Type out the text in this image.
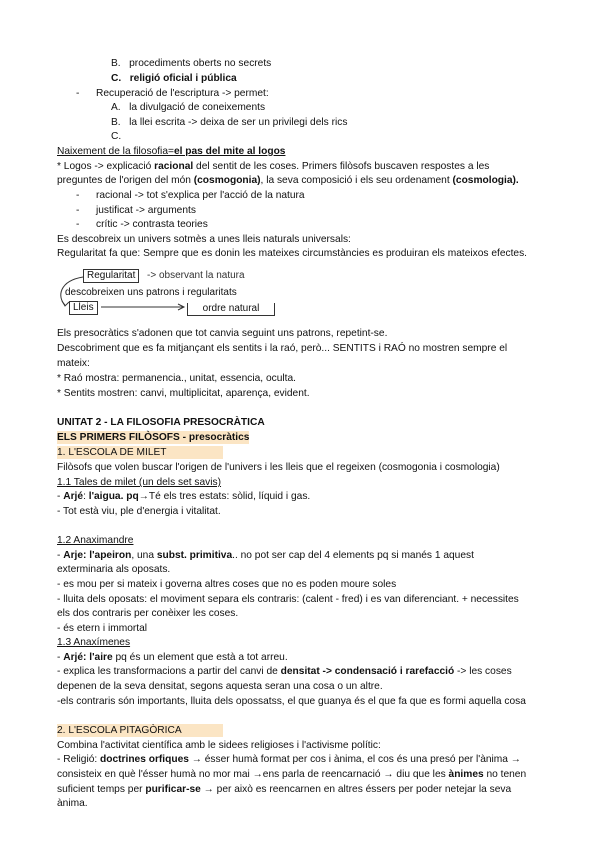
B. procediments oberts no secrets
C. religió oficial i pública
- Recuperació de l'escriptura -> permet:
A. la divulgació de coneixements
B. la llei escrita -> deixa de ser un privilegi dels rics
C.
Naixement de la filosofia=el pas del mite al logos
* Logos -> explicació racional del sentit de les coses. Primers filòsofs buscaven respostes a les
preguntes de l'origen del món (cosmogonia), la seva composició i els seu ordenament (cosmologia).
- racional -> tot s'explica per l'acció de la natura
- justificat -> arguments
- crític -> contrasta teories
Es descobreix un univers sotmès a unes lleis naturals universals:
Regularitat fa que: Sempre que es donin les mateixes circumstàncies es produiran els mateixos efectes.
Regularitat	-> observant la natura
descobreixen uns patrons i regularitats
Lleis	ordre natural
Els presocràtics s'adonen que tot canvia seguint uns patrons, repetint-se.
Descobriment que es fa mitjançant els sentits i la raó, però... SENTITS i RAÓ no mostren sempre el
mateix:
* Raó mostra: permanencia., unitat, essencia, oculta.
* Sentits mostren: canvi, multiplicitat, aparença, evident.
UNITAT 2 - LA FILOSOFIA PRESOCRÀTICA
ELS PRIMERS FILÒSOFS - presocràtics
1. L'ESCOLA DE MILET
Filòsofs que volen buscar l'origen de l'univers i les lleis que el regeixen (cosmogonia i cosmologia)
1.1 Tales de milet (un dels set savis)
- Arjé: l'aigua. pq→Té els tres estats: sòlid, líquid i gas.
- Tot està viu, ple d'energia i vitalitat.
1.2 Anaximandre
- Arje: l'apeiron, una subst. primitiva.. no pot ser cap del 4 elements pq si manés 1 aquest
exterminaria als oposats.
- es mou per si mateix i governa altres coses que no es poden moure soles
- lluita dels oposats: el moviment separa els contraris: (calent - fred) i es van diferenciant. + necessites
els dos contraris per conèixer les coses.
- és etern i immortal
1.3 Anaxímenes
- Arjé: l'aire pq és un element que està a tot arreu.
- explica les transformacions a partir del canvi de densitat -> condensació i rarefacció -> les coses
depenen de la seva densitat, segons aquesta seran una cosa o un altre.
-els contraris són importants, lluita dels opossatss, el que guanya és el que fa que es formi aquella cosa
2. L'ESCOLA PITAGÒRICA
Combina l'activitat científica amb le sidees religioses i l'activisme polític:
- Religió: doctrines orfiques → ésser humà format per cos i ànima, el cos és una presó per l'ànima →
consisteix en què l'ésser humà no mor mai →ens parla de reencarnació → diu que les ànimes no tenen
suficient temps per purificar-se → per això es reencarnen en altres éssers per poder netejar la seva
ànima.
